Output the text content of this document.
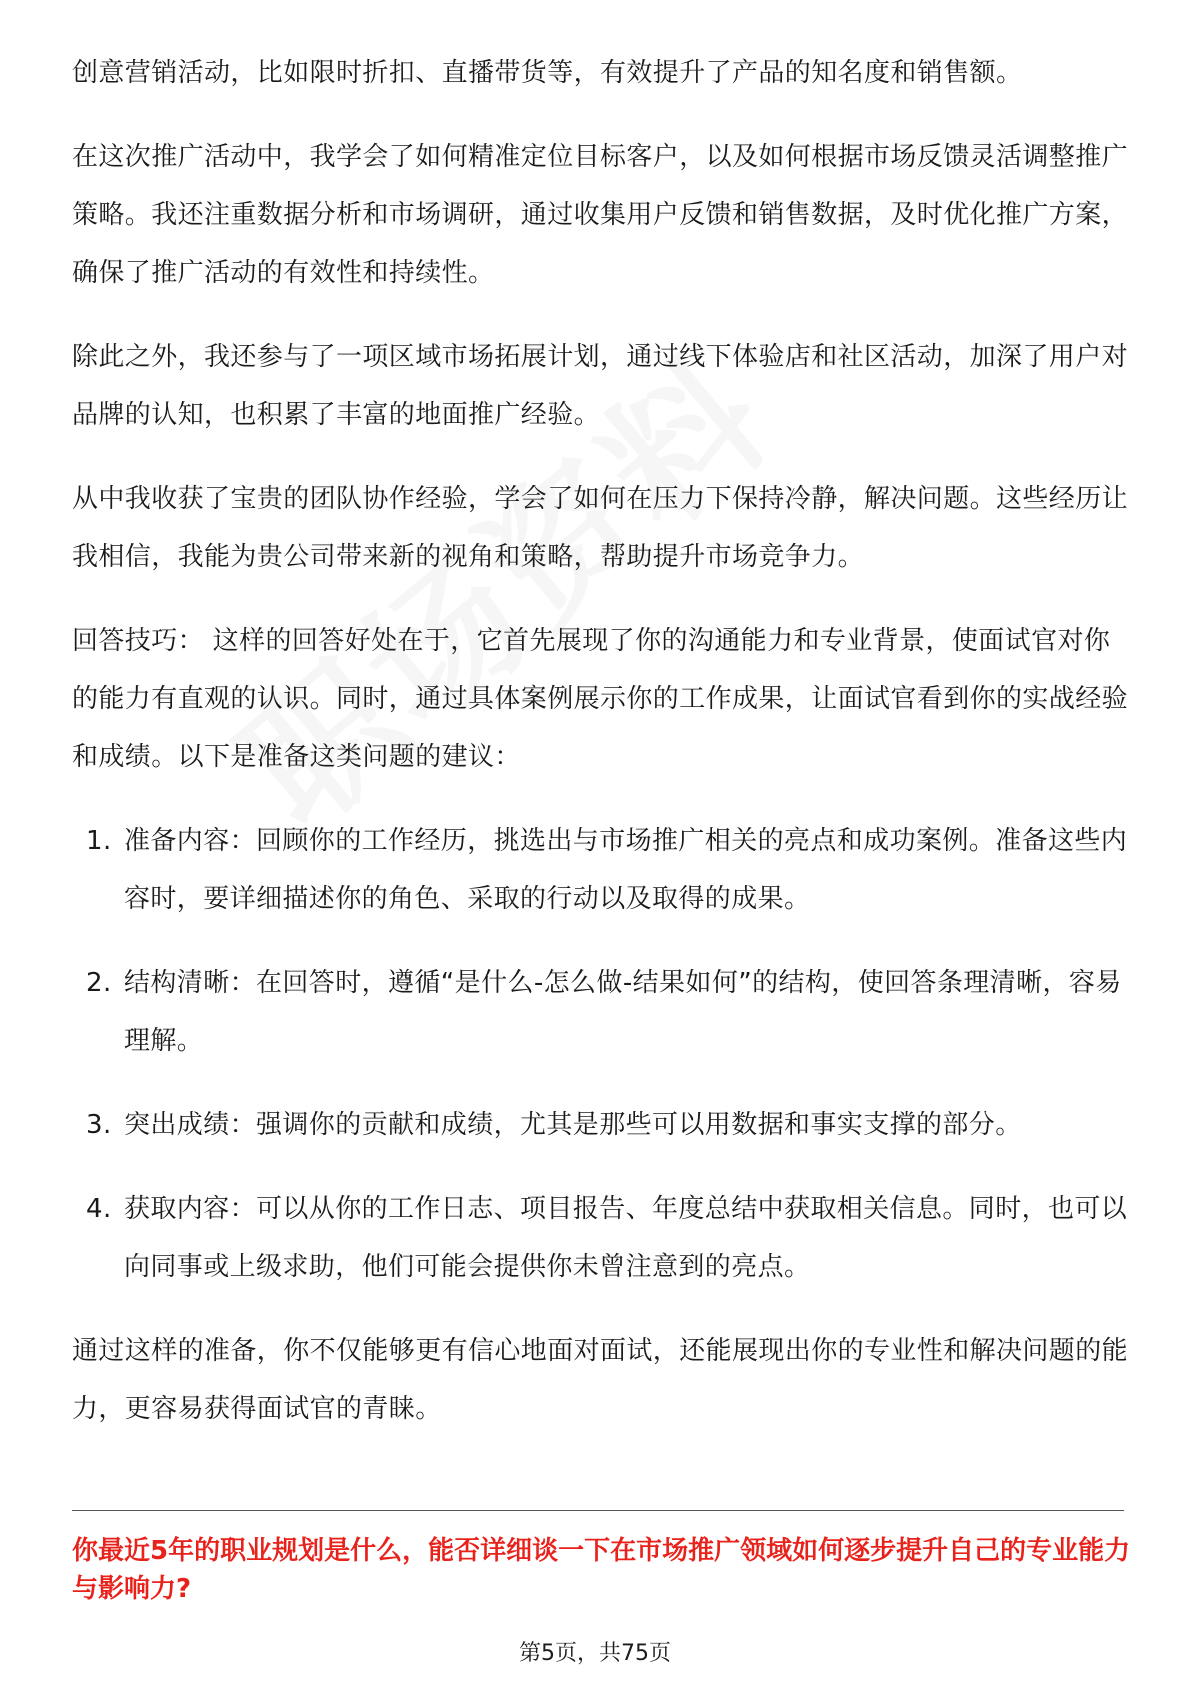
创意营销活动，比如限时折扣、直播带货等，有效提升了产品的知名度和销售额。

在这次推广活动中，我学会了如何精准定位目标客户，以及如何根据市场反馈灵活调整推广策略。我还注重数据分析和市场调研，通过收集用户反馈和销售数据，及时优化推广方案，确保了推广活动的有效性和持续性。

除此之外，我还参与了一项区域市场拓展计划，通过线下体验店和社区活动，加深了用户对品牌的认知，也积累了丰富的地面推广经验。

从中我收获了宝贵的团队协作经验，学会了如何在压力下保持冷静，解决问题。这些经历让我相信，我能为贵公司带来新的视角和策略，帮助提升市场竞争力。

回答技巧： 这样的回答好处在于，它首先展现了你的沟通能力和专业背景，使面试官对你的能力有直观的认识。同时，通过具体案例展示你的工作成果，让面试官看到你的实战经验和成绩。以下是准备这类问题的建议：

1. 准备内容：回顾你的工作经历，挑选出与市场推广相关的亮点和成功案例。准备这些内容时，要详细描述你的角色、采取的行动以及取得的成果。
2. 结构清晰：在回答时，遵循“是什么-怎么做-结果如何”的结构，使回答条理清晰，容易理解。
3. 突出成绩：强调你的贡献和成绩，尤其是那些可以用数据和事实支撑的部分。
4. 获取内容：可以从你的工作日志、项目报告、年度总结中获取相关信息。同时，也可以向同事或上级求助，他们可能会提供你未曾注意到的亮点。

通过这样的准备，你不仅能够更有信心地面对面试，还能展现出你的专业性和解决问题的能力，更容易获得面试官的青睐。

你最近5年的职业规划是什么，能否详细谈一下在市场推广领域如何逐步提升自己的专业能力与影响力?

第5页，共75页
